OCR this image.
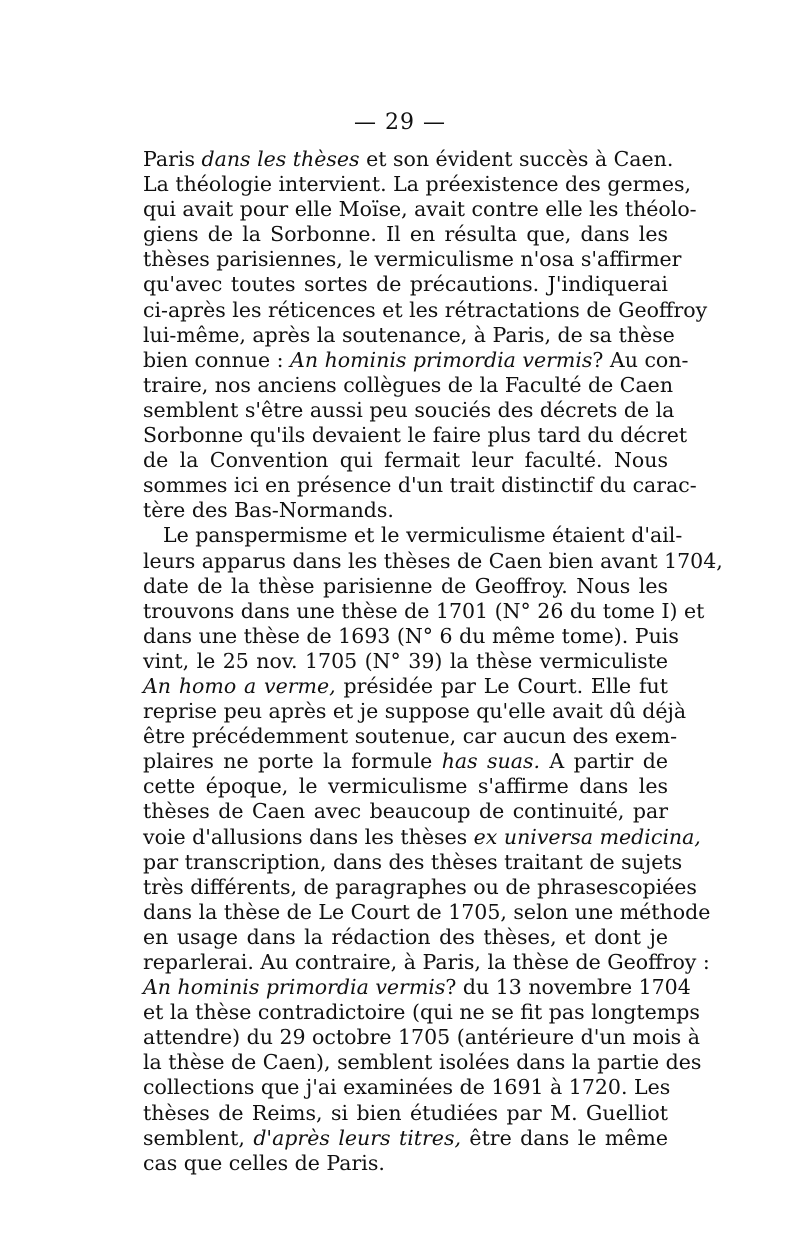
— 29 —
Paris dans les thèses et son évident succès à Caen.
La théologie intervient. La préexistence des germes,
qui avait pour elle Moïse, avait contre elle les théolo-
giens de la Sorbonne. Il en résulta que, dans les
thèses parisiennes, le vermiculisme n'osa s'affirmer
qu'avec toutes sortes de précautions. J'indiquerai
ci-après les réticences et les rétractations de Geoffroy
lui-même, après la soutenance, à Paris, de sa thèse
bien connue : An hominis primordia vermis? Au con-
traire, nos anciens collègues de la Faculté de Caen
semblent s'être aussi peu souciés des décrets de la
Sorbonne qu'ils devaient le faire plus tard du décret
de la Convention qui fermait leur faculté. Nous
sommes ici en présence d'un trait distinctif du carac-
tère des Bas-Normands.
Le panspermisme et le vermiculisme étaient d'ail-
leurs apparus dans les thèses de Caen bien avant 1704,
date de la thèse parisienne de Geoffroy. Nous les
trouvons dans une thèse de 1701 (N° 26 du tome I) et
dans une thèse de 1693 (N° 6 du même tome). Puis
vint, le 25 nov. 1705 (N° 39) la thèse vermiculiste
An homo a verme, présidée par Le Court. Elle fut
reprise peu après et je suppose qu'elle avait dû déjà
être précédemment soutenue, car aucun des exem-
plaires ne porte la formule has suas. A partir de
cette époque, le vermiculisme s'affirme dans les
thèses de Caen avec beaucoup de continuité, par
voie d'allusions dans les thèses ex universa medicina,
par transcription, dans des thèses traitant de sujets
très différents, de paragraphes ou de phrasescopiées
dans la thèse de Le Court de 1705, selon une méthode
en usage dans la rédaction des thèses, et dont je
reparlerai. Au contraire, à Paris, la thèse de Geoffroy :
An hominis primordia vermis? du 13 novembre 1704
et la thèse contradictoire (qui ne se fit pas longtemps
attendre) du 29 octobre 1705 (antérieure d'un mois à
la thèse de Caen), semblent isolées dans la partie des
collections que j'ai examinées de 1691 à 1720. Les
thèses de Reims, si bien étudiées par M. Guelliot
semblent, d'après leurs titres, être dans le même
cas que celles de Paris.
